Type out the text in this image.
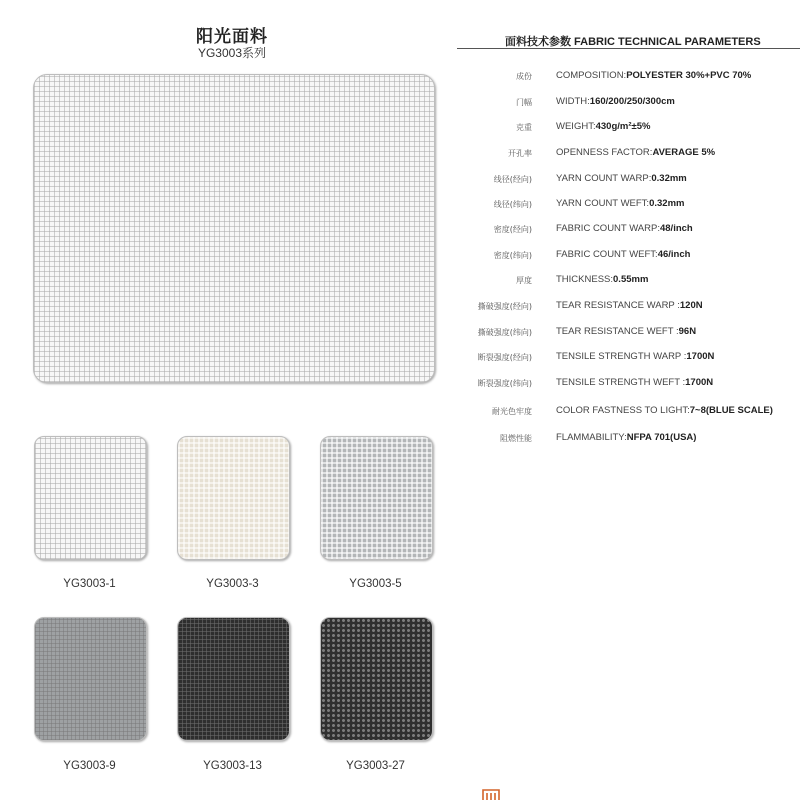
阳光面料
YG3003系列
YG3003-1	YG3003-3	YG3003-5
YG3003-9	YG3003-13	YG3003-27
面料技术参数 FABRIC TECHNICAL PARAMETERS
成份	COMPOSITION:POLYESTER 30%+PVC 70%
门幅	WIDTH:160/200/250/300cm
克重	WEIGHT:430g/m²±5%
开孔率	OPENNESS FACTOR:AVERAGE 5%
线径(经向)	YARN COUNT WARP:0.32mm
线径(纬向)	YARN COUNT WEFT:0.32mm
密度(经向)	FABRIC COUNT WARP:48/inch
密度(纬向)	FABRIC COUNT WEFT:46/inch
厚度	THICKNESS:0.55mm
撕破强度(经向)	TEAR RESISTANCE WARP :120N
撕破强度(纬向)	TEAR RESISTANCE WEFT :96N
断裂强度(经向)	TENSILE STRENGTH WARP :1700N
断裂强度(纬向)	TENSILE STRENGTH WEFT :1700N
耐光色牢度	COLOR FASTNESS TO LIGHT:7~8(BLUE SCALE)
阻燃性能	FLAMMABILITY:NFPA 701(USA)
